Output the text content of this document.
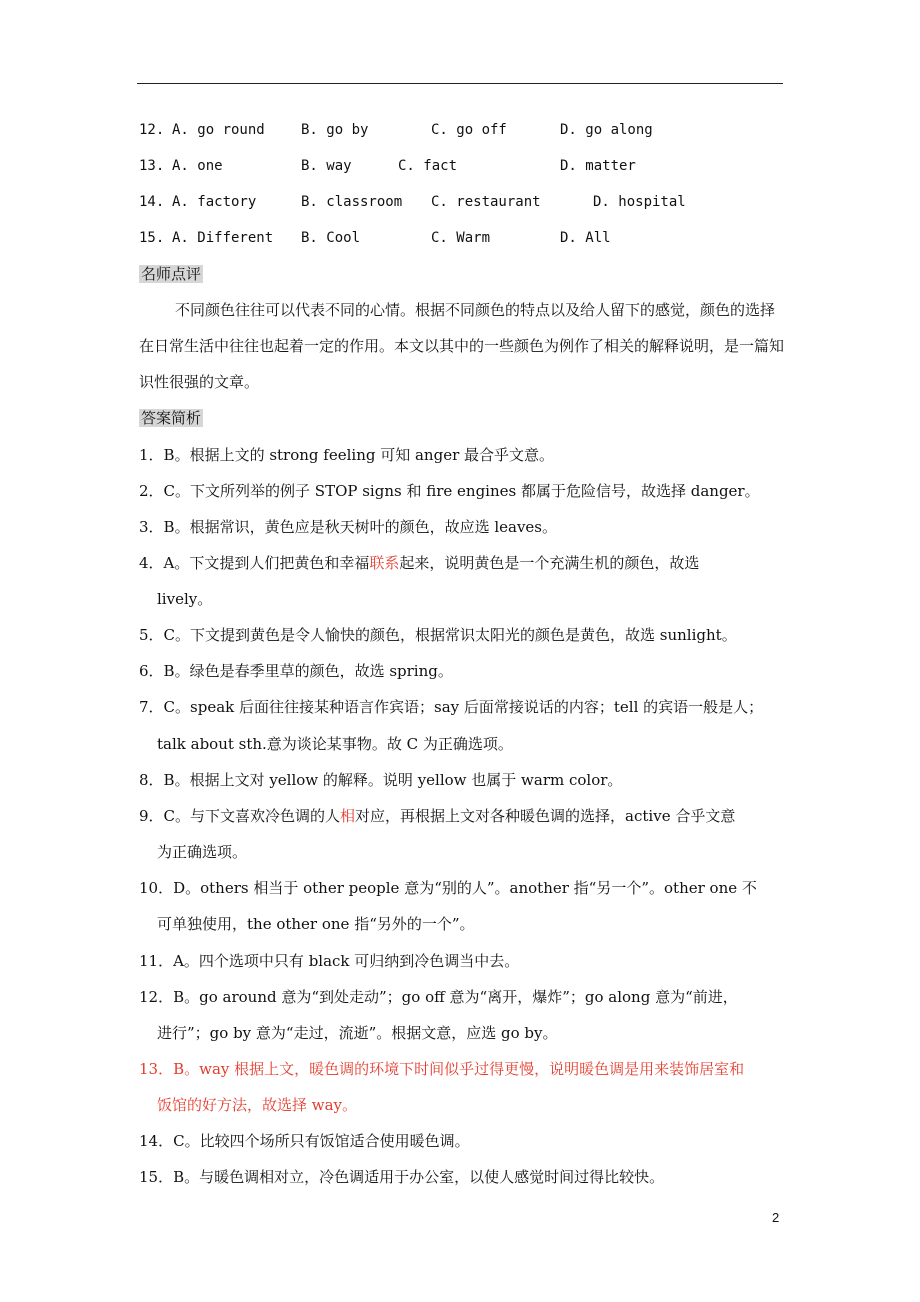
12. A. go round	B. go by	C. go off	D. go along
13. A. one	B. way	C. fact	D. matter
14. A. factory	B. classroom C. restaurant	D. hospital
15. A. Different B. Cool	C. Warm	D. All
名师点评
不同颜色往往可以代表不同的心情。根据不同颜色的特点以及给人留下的感觉，颜色的选择在日常生活中往往也起着一定的作用。本文以其中的一些颜色为例作了相关的解释说明，是一篇知识性很强的文章。
答案简析
1．B。根据上文的 strong feeling 可知 anger 最合乎文意。
2．C。下文所列举的例子 STOP signs 和 fire engines 都属于危险信号，故选择 danger。
3．B。根据常识，黄色应是秋天树叶的颜色，故应选 leaves。
4．A。下文提到人们把黄色和幸福联系起来，说明黄色是一个充满生机的颜色，故选
lively。
5．C。下文提到黄色是令人愉快的颜色，根据常识太阳光的颜色是黄色，故选 sunlight。
6．B。绿色是春季里草的颜色，故选 spring。
7．C。speak 后面往往接某种语言作宾语；say 后面常接说话的内容；tell 的宾语一般是人；
talk about sth.意为谈论某事物。故 C 为正确选项。
8．B。根据上文对 yellow 的解释。说明 yellow 也属于 warm color。
9．C。与下文喜欢冷色调的人相对应，再根据上文对各种暖色调的选择，active 合乎文意
为正确选项。
10．D。others 相当于 other people 意为“别的人”。another 指“另一个”。other one 不
可单独使用，the other one 指“另外的一个”。
11．A。四个选项中只有 black 可归纳到冷色调当中去。
12．B。go around 意为“到处走动”；go off 意为“离开，爆炸”；go along 意为“前进，
进行”；go by 意为“走过，流逝”。根据文意，应选 go by。
13．B。way 根据上文，暖色调的环境下时间似乎过得更慢，说明暖色调是用来装饰居室和
饭馆的好方法，故选择 way。
14．C。比较四个场所只有饭馆适合使用暖色调。
15．B。与暖色调相对立，冷色调适用于办公室，以使人感觉时间过得比较快。
2
